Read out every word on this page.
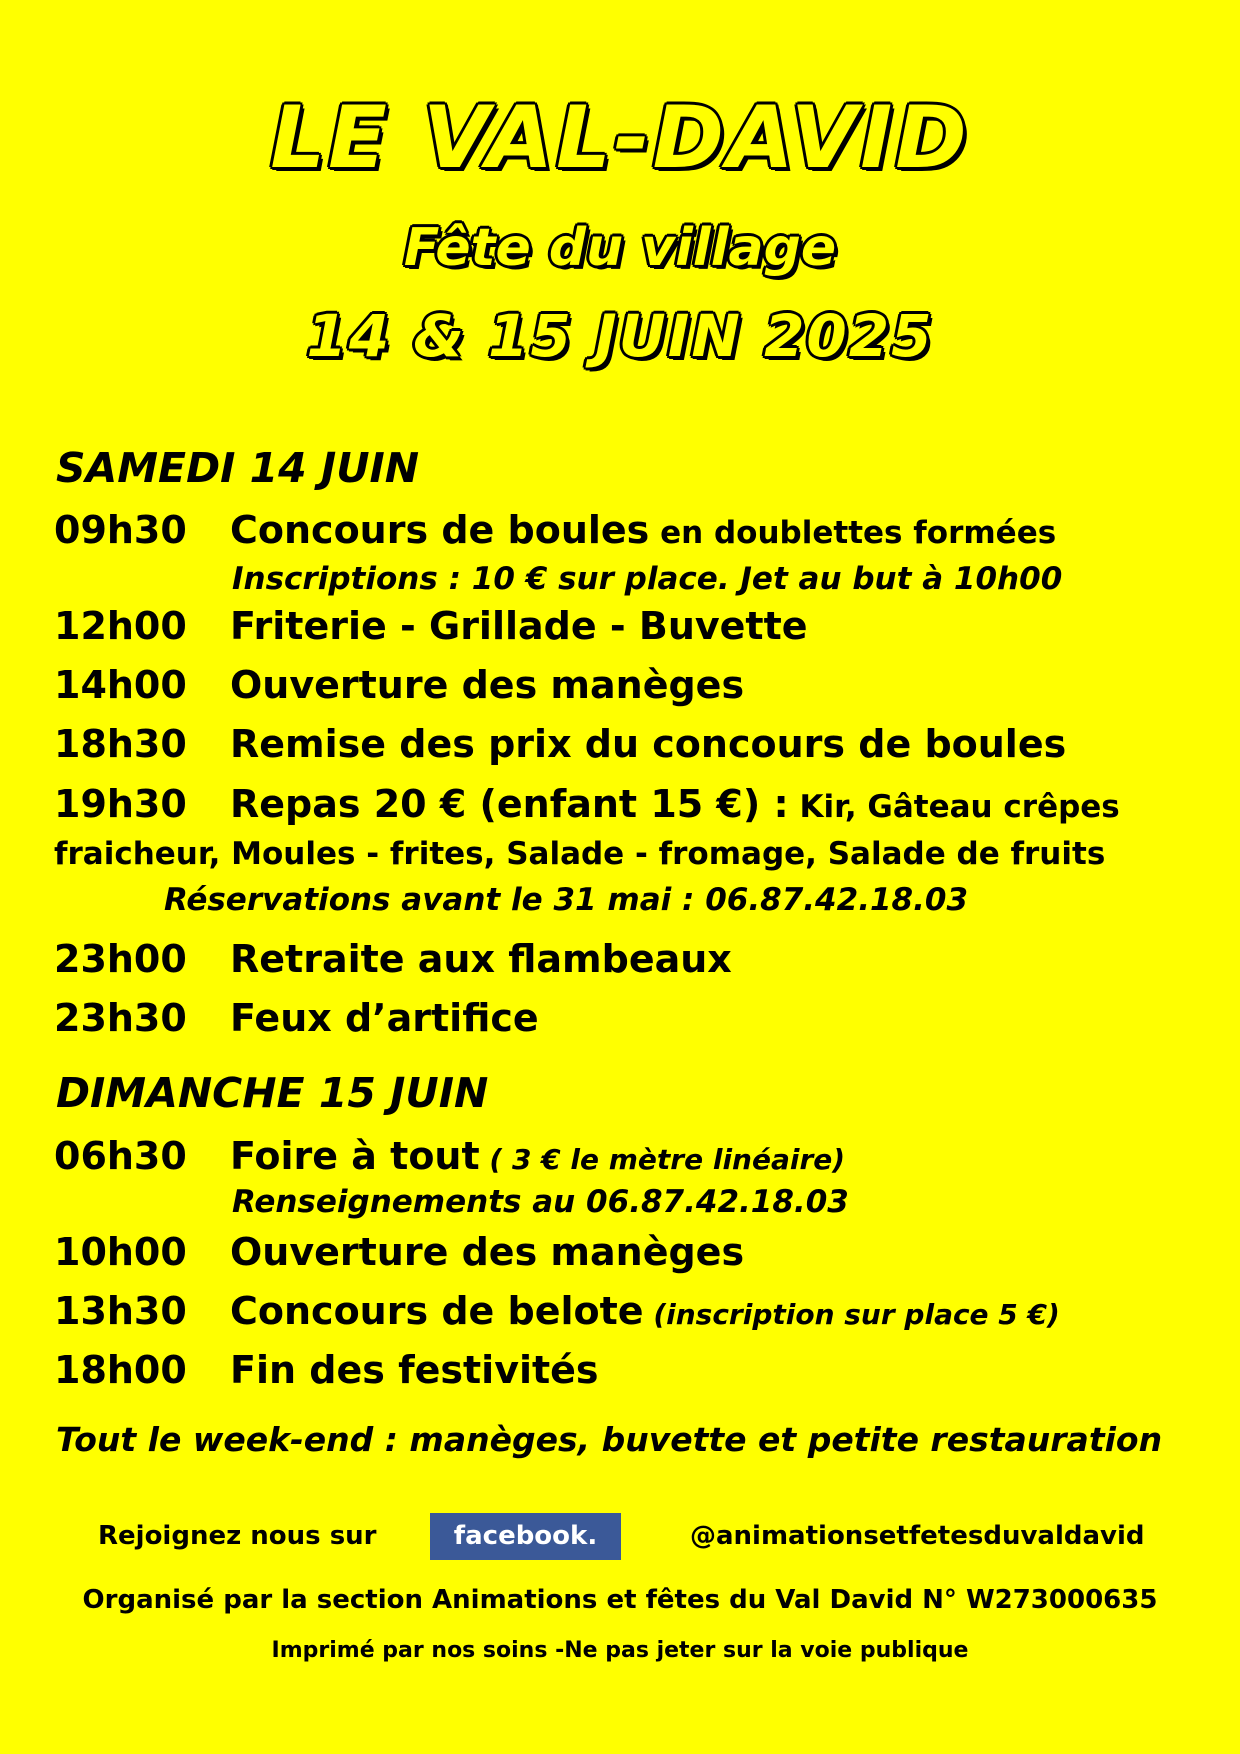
LE VAL-DAVID
Fête du village
14 & 15 JUIN 2025
SAMEDI 14 JUIN
09h30 Concours de boules en doublettes formées
Inscriptions : 10 € sur place. Jet au but à 10h00
12h00 Friterie - Grillade - Buvette
14h00 Ouverture des manèges
18h30 Remise des prix du concours de boules
19h30 Repas 20 € (enfant 15 €) : Kir, Gâteau crêpes
fraicheur, Moules - frites, Salade - fromage, Salade de fruits
Réservations avant le 31 mai : 06.87.42.18.03
23h00 Retraite aux flambeaux
23h30 Feux d’artifice
DIMANCHE 15 JUIN
06h30 Foire à tout ( 3 € le mètre linéaire)
Renseignements au 06.87.42.18.03
10h00 Ouverture des manèges
13h30 Concours de belote (inscription sur place 5 €)
18h00 Fin des festivités
Tout le week-end : manèges, buvette et petite restauration
Rejoignez nous sur	facebook.	@animationsetfetesduvaldavid
Organisé par la section Animations et fêtes du Val David N° W273000635
Imprimé par nos soins -Ne pas jeter sur la voie publique
